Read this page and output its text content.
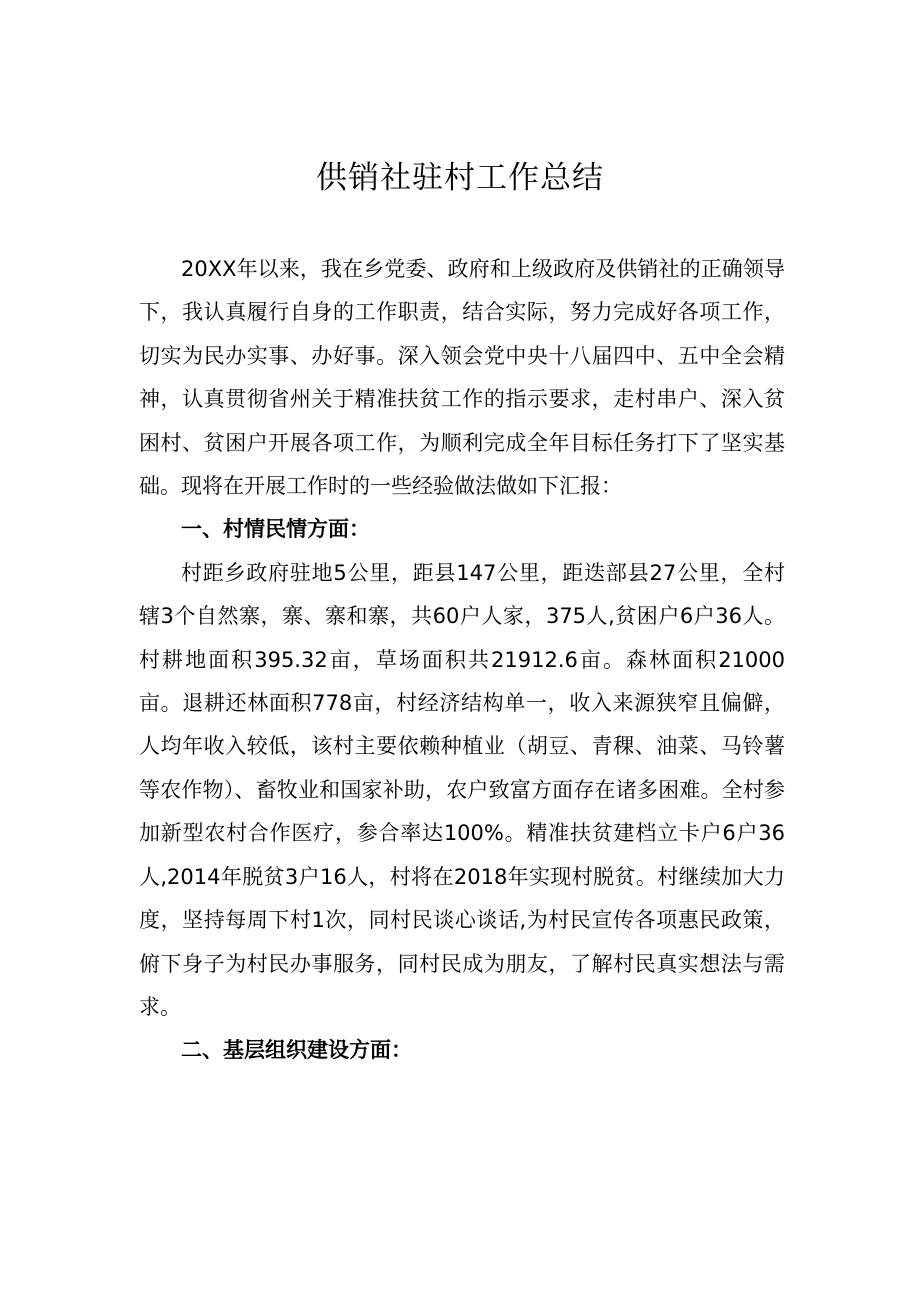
供销社驻村工作总结

20XX年以来，我在乡党委、政府和上级政府及供销社的正确领导下，我认真履行自身的工作职责，结合实际，努力完成好各项工作，切实为民办实事、办好事。深入领会党中央十八届四中、五中全会精神，认真贯彻省州关于精准扶贫工作的指示要求，走村串户、深入贫困村、贫困户开展各项工作，为顺利完成全年目标任务打下了坚实基础。现将在开展工作时的一些经验做法做如下汇报：

一、村情民情方面：

村距乡政府驻地5公里，距县147公里，距迭部县27公里，全村辖3个自然寨，寨、寨和寨，共60户人家，375人,贫困户6户36人。村耕地面积395.32亩，草场面积共21912.6亩。森林面积21000亩。退耕还林面积778亩，村经济结构单一，收入来源狭窄且偏僻，人均年收入较低，该村主要依赖种植业（胡豆、青稞、油菜、马铃薯等农作物）、畜牧业和国家补助，农户致富方面存在诸多困难。全村参加新型农村合作医疗，参合率达100%。精准扶贫建档立卡户6户36人,2014年脱贫3户16人，村将在2018年实现村脱贫。村继续加大力度，坚持每周下村1次，同村民谈心谈话,为村民宣传各项惠民政策，俯下身子为村民办事服务，同村民成为朋友，了解村民真实想法与需求。

二、基层组织建设方面：
